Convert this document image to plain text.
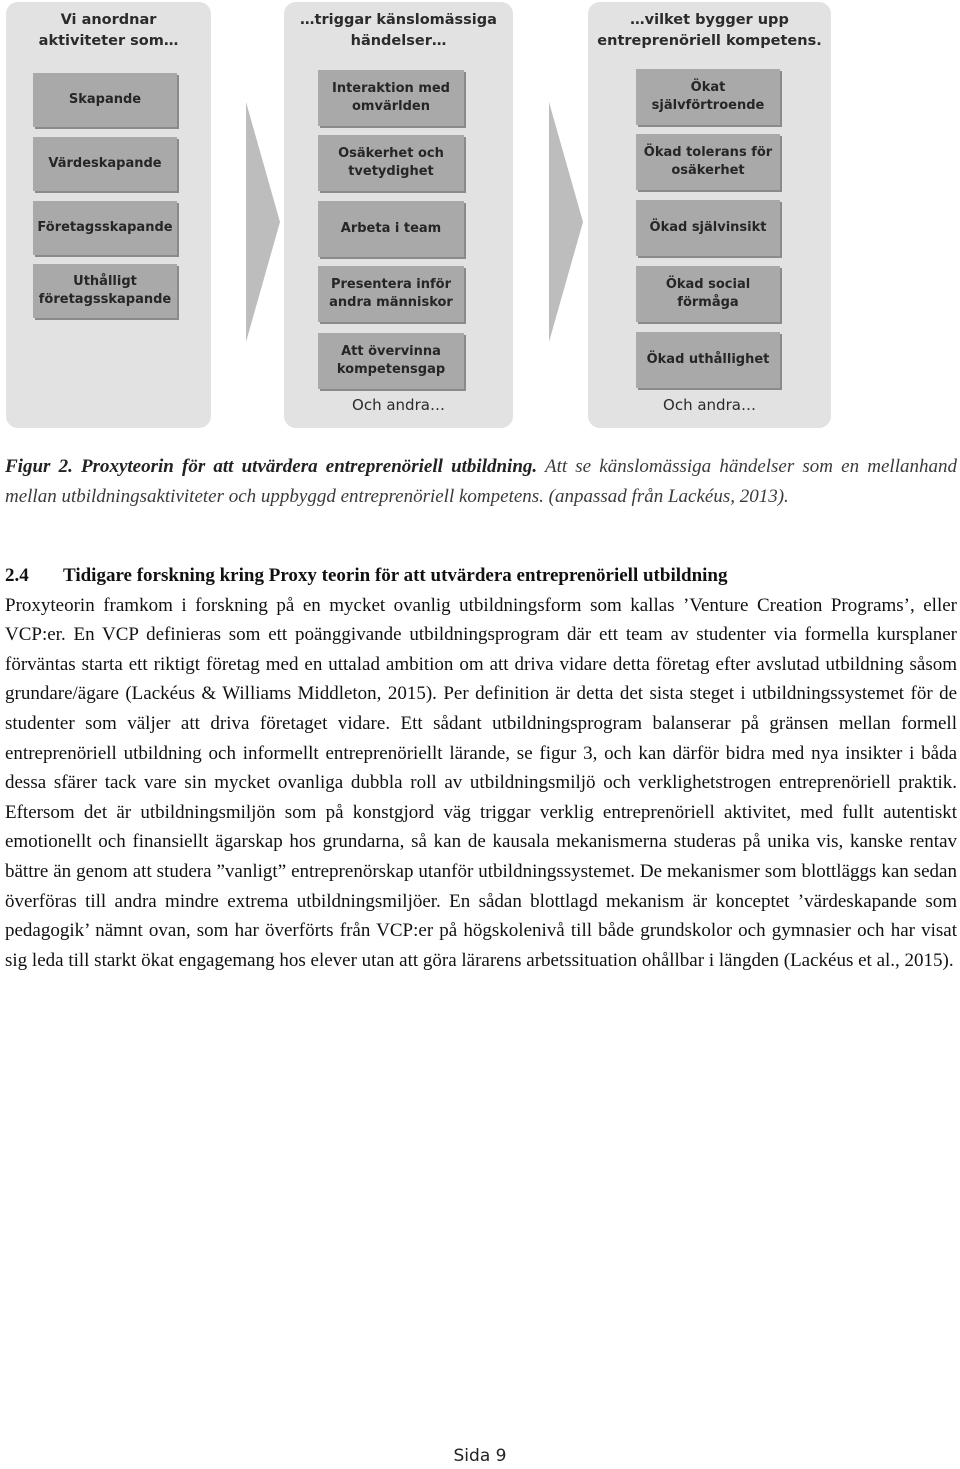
Vi anordnar
aktiviteter som…
Skapande
Värdeskapande
Företagsskapande
Uthålligt
företagsskapande
…triggar känslomässiga
händelser…
Interaktion med
omvärlden
Osäkerhet och
tvetydighet
Arbeta i team
Presentera inför
andra människor
Att övervinna
kompetensgap
Och andra…
…vilket bygger upp
entreprenöriell kompetens.
Ökat självförtroende
Ökad tolerans för
osäkerhet
Ökad självinsikt
Ökad social
förmåga
Ökad uthållighet
Och andra…
Figur 2. Proxyteorin för att utvärdera entreprenöriell utbildning. Att se känslomässiga händelser som en mellanhand mellan utbildningsaktiviteter och uppbyggd entreprenöriell kompetens. (anpassad från Lackéus, 2013).
2.4 Tidigare forskning kring Proxy teorin för att utvärdera entreprenöriell utbildning
Proxyteorin framkom i forskning på en mycket ovanlig utbildningsform som kallas ’Venture Creation Programs’, eller VCP:er. En VCP definieras som ett poänggivande utbildningsprogram där ett team av studenter via formella kursplaner förväntas starta ett riktigt företag med en uttalad ambition om att driva vidare detta företag efter avslutad utbildning såsom grundare/ägare (Lackéus & Williams Middleton, 2015). Per definition är detta det sista steget i utbildningssystemet för de studenter som väljer att driva företaget vidare. Ett sådant utbildningsprogram balanserar på gränsen mellan formell entreprenöriell utbildning och informellt entreprenöriellt lärande, se figur 3, och kan därför bidra med nya insikter i båda dessa sfärer tack vare sin mycket ovanliga dubbla roll av utbildningsmiljö och verklighetstrogen entreprenöriell praktik. Eftersom det är utbildningsmiljön som på konstgjord väg triggar verklig entreprenöriell aktivitet, med fullt autentiskt emotionellt och finansiellt ägarskap hos grundarna, så kan de kausala mekanismerna studeras på unika vis, kanske rentav bättre än genom att studera ”vanligt” entreprenörskap utanför utbildningssystemet. De mekanismer som blottläggs kan sedan överföras till andra mindre extrema utbildningsmiljöer. En sådan blottlagd mekanism är konceptet ’värdeskapande som pedagogik’ nämnt ovan, som har överförts från VCP:er på högskolenivå till både grundskolor och gymnasier och har visat sig leda till starkt ökat engagemang hos elever utan att göra lärarens arbetssituation ohållbar i längden (Lackéus et al., 2015).
Sida 9
